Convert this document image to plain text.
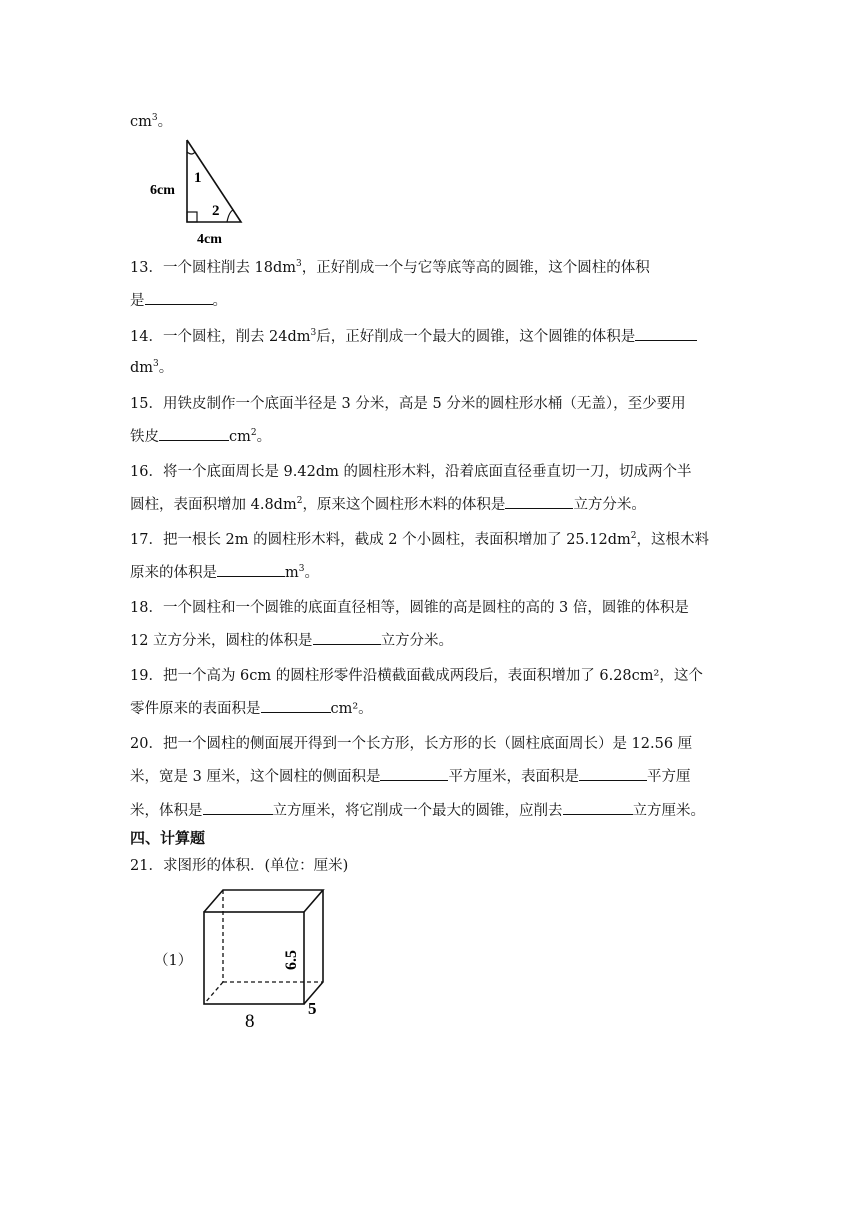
$cm^3$。
1
2
6cm
4cm
13．一个圆柱削去 $18dm^3$，正好削成一个与它等底等高的圆锥，这个圆柱的体积
是	。
14．一个圆柱，削去 $24dm^3$后，正好削成一个最大的圆锥，这个圆锥的体积是
$dm^3$。
15．用铁皮制作一个底面半径是 3 分米，高是 5 分米的圆柱形水桶（无盖），至少要用
铁皮	$cm^2$。
16．将一个底面周长是 9.42dm 的圆柱形木料，沿着底面直径垂直切一刀，切成两个半
圆柱，表面积增加 $4.8dm^2$，原来这个圆柱形木料的体积是	立方分米。
17．把一根长 2m 的圆柱形木料，截成 2 个小圆柱，表面积增加了 $25.12dm^2$，这根木料
原来的体积是	$m^3$。
18．一个圆柱和一个圆锥的底面直径相等，圆锥的高是圆柱的高的 3 倍，圆锥的体积是
12 立方分米，圆柱的体积是	立方分米。
19．把一个高为 6cm 的圆柱形零件沿横截面截成两段后，表面积增加了 6.28cm²，这个
零件原来的表面积是	cm²。
20．把一个圆柱的侧面展开得到一个长方形，长方形的长（圆柱底面周长）是 12.56 厘
米，宽是 3 厘米，这个圆柱的侧面积是	平方厘米，表面积是	平方厘
米，体积是	立方厘米，将它削成一个最大的圆锥，应削去	立方厘米。
四、计算题
21．求图形的体积．(单位：厘米)
（1）	6.5
8
5
